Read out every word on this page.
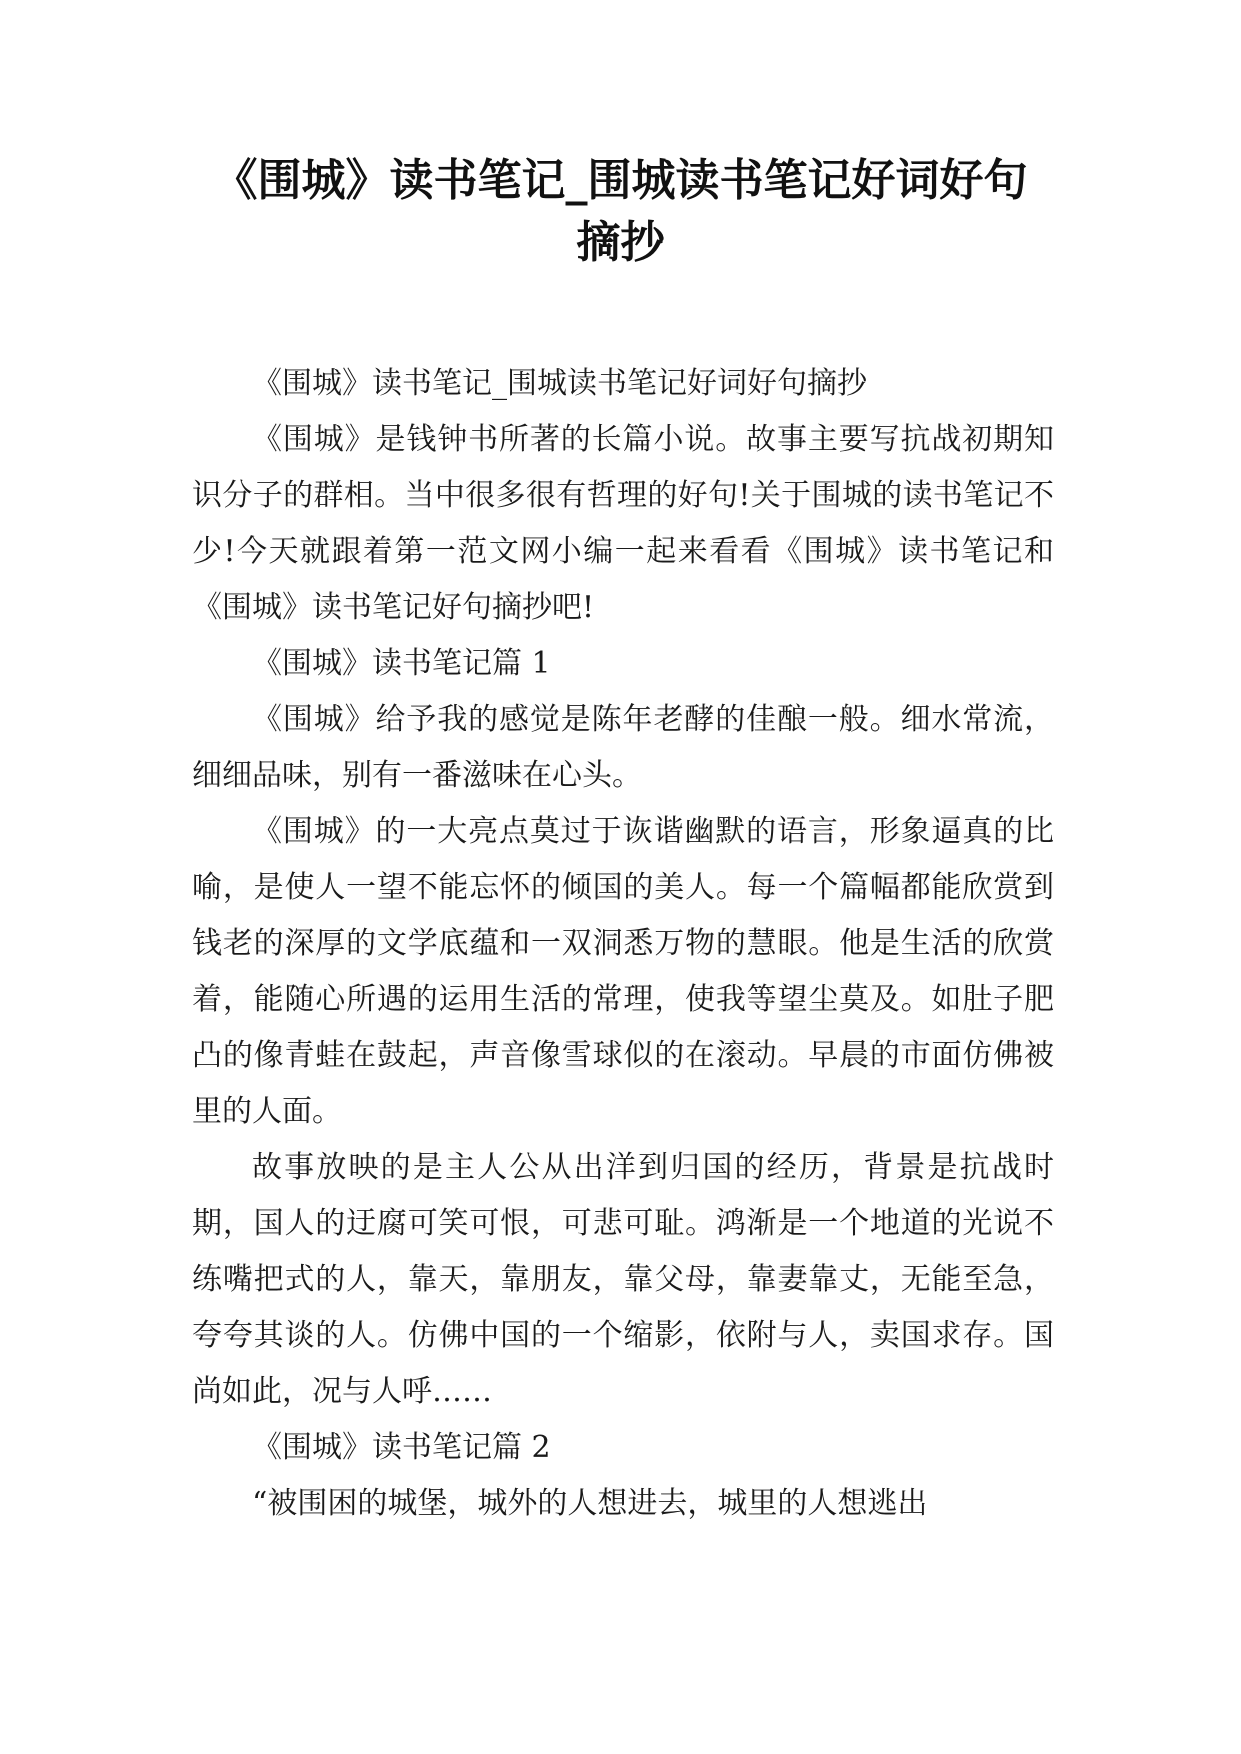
《围城》读书笔记_围城读书笔记好词好句
摘抄

《围城》读书笔记_围城读书笔记好词好句摘抄

《围城》是钱钟书所著的长篇小说。故事主要写抗战初期知识分子的群相。当中很多很有哲理的好句!关于围城的读书笔记不少!今天就跟着第一范文网小编一起来看看《围城》读书笔记和《围城》读书笔记好句摘抄吧!

《围城》读书笔记篇 1

《围城》给予我的感觉是陈年老酵的佳酿一般。细水常流，细细品味，别有一番滋味在心头。

《围城》的一大亮点莫过于诙谐幽默的语言，形象逼真的比喻，是使人一望不能忘怀的倾国的美人。每一个篇幅都能欣赏到钱老的深厚的文学底蕴和一双洞悉万物的慧眼。他是生活的欣赏着，能随心所遇的运用生活的常理，使我等望尘莫及。如肚子肥凸的像青蛙在鼓起，声音像雪球似的在滚动。早晨的市面仿佛被里的人面。

故事放映的是主人公从出洋到归国的经历，背景是抗战时期，国人的迂腐可笑可恨，可悲可耻。鸿渐是一个地道的光说不练嘴把式的人，靠天，靠朋友，靠父母，靠妻靠丈，无能至急，夸夸其谈的人。仿佛中国的一个缩影，依附与人，卖国求存。国尚如此，况与人呼……

《围城》读书笔记篇 2

“被围困的城堡，城外的人想进去，城里的人想逃出
